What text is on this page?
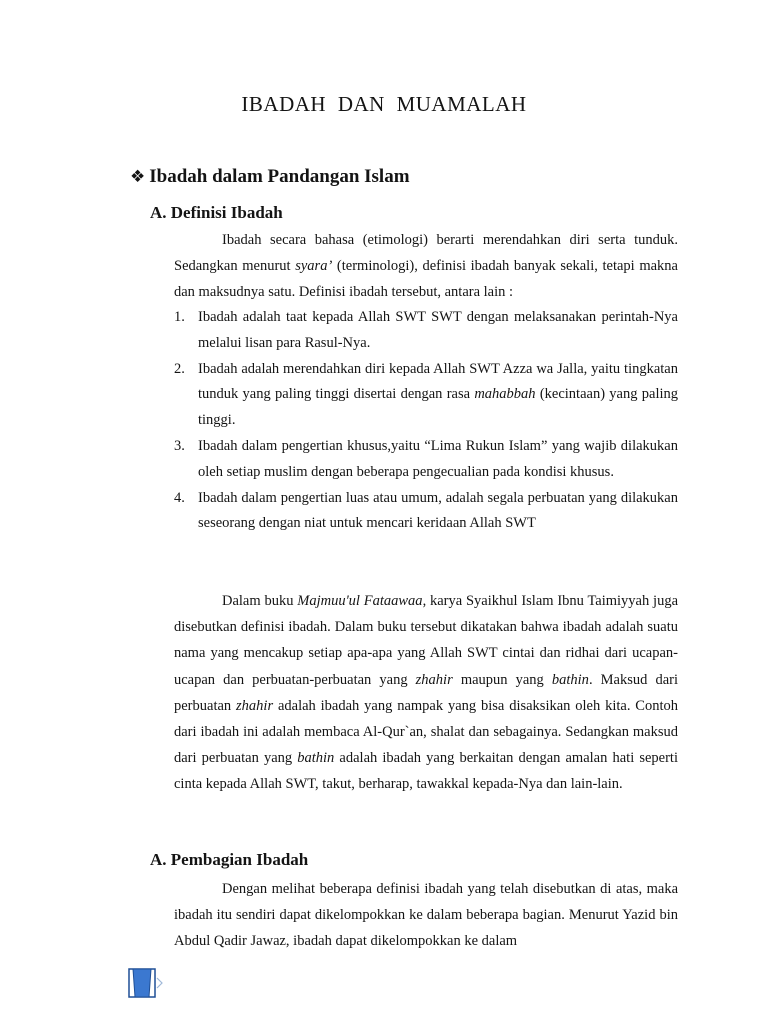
IBADAH DAN MUAMALAH
❖ Ibadah dalam Pandangan Islam
A. Definisi Ibadah

Ibadah secara bahasa (etimologi) berarti merendahkan diri serta tunduk. Sedangkan menurut syara’ (terminologi), definisi ibadah banyak sekali, tetapi makna dan maksudnya satu. Definisi ibadah tersebut, antara lain :

1. Ibadah adalah taat kepada Allah SWT SWT dengan melaksanakan perintah-Nya melalui lisan para Rasul-Nya.
2. Ibadah adalah merendahkan diri kepada Allah SWT Azza wa Jalla, yaitu tingkatan tunduk yang paling tinggi disertai dengan rasa mahabbah (kecintaan) yang paling tinggi.
3. Ibadah dalam pengertian khusus,yaitu “Lima Rukun Islam” yang wajib dilakukan oleh setiap muslim dengan beberapa pengecualian pada kondisi khusus.
4. Ibadah dalam pengertian luas atau umum, adalah segala perbuatan yang dilakukan seseorang dengan niat untuk mencari keridaan Allah SWT

Dalam buku Majmuu'ul Fataawaa, karya Syaikhul Islam Ibnu Taimiyyah juga disebutkan definisi ibadah. Dalam buku tersebut dikatakan bahwa ibadah adalah suatu nama yang mencakup setiap apa-apa yang Allah SWT cintai dan ridhai dari ucapan-ucapan dan perbuatan-perbuatan yang zhahir maupun yang bathin. Maksud dari perbuatan zhahir adalah ibadah yang nampak yang bisa disaksikan oleh kita. Contoh dari ibadah ini adalah membaca Al-Qur`an, shalat dan sebagainya. Sedangkan maksud dari perbuatan yang bathin adalah ibadah yang berkaitan dengan amalan hati seperti cinta kepada Allah SWT, takut, berharap, tawakkal kepada-Nya dan lain-lain.

A. Pembagian Ibadah

Dengan melihat beberapa definisi ibadah yang telah disebutkan di atas, maka ibadah itu sendiri dapat dikelompokkan ke dalam beberapa bagian. Menurut Yazid bin Abdul Qadir Jawaz, ibadah dapat dikelompokkan ke dalam
